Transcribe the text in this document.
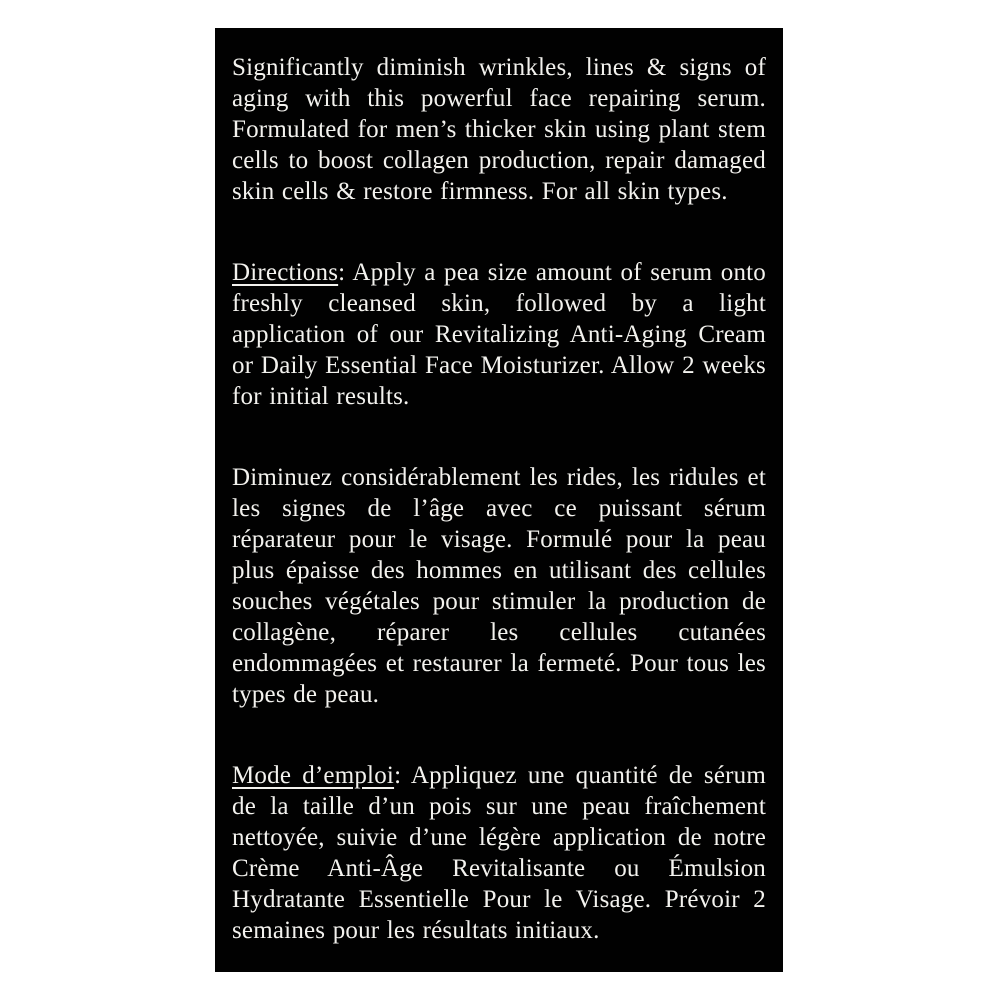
Significantly diminish wrinkles, lines & signs of aging with this powerful face repairing serum. Formulated for men’s thicker skin using plant stem cells to boost collagen production, repair damaged skin cells & restore firmness. For all skin types.

Directions: Apply a pea size amount of serum onto freshly cleansed skin, followed by a light application of our Revitalizing Anti-Aging Cream or Daily Essential Face Moisturizer. Allow 2 weeks for initial results.

Diminuez considérablement les rides, les ridules et les signes de l’âge avec ce puissant sérum réparateur pour le visage. Formulé pour la peau plus épaisse des hommes en utilisant des cellules souches végétales pour stimuler la production de collagène, réparer les cellules cutanées endommagées et restaurer la fermeté. Pour tous les types de peau.

Mode d’emploi: Appliquez une quantité de sérum de la taille d’un pois sur une peau fraîchement nettoyée, suivie d’une légère application de notre Crème Anti-Âge Revitalisante ou Émulsion Hydratante Essentielle Pour le Visage. Prévoir 2 semaines pour les résultats initiaux.
